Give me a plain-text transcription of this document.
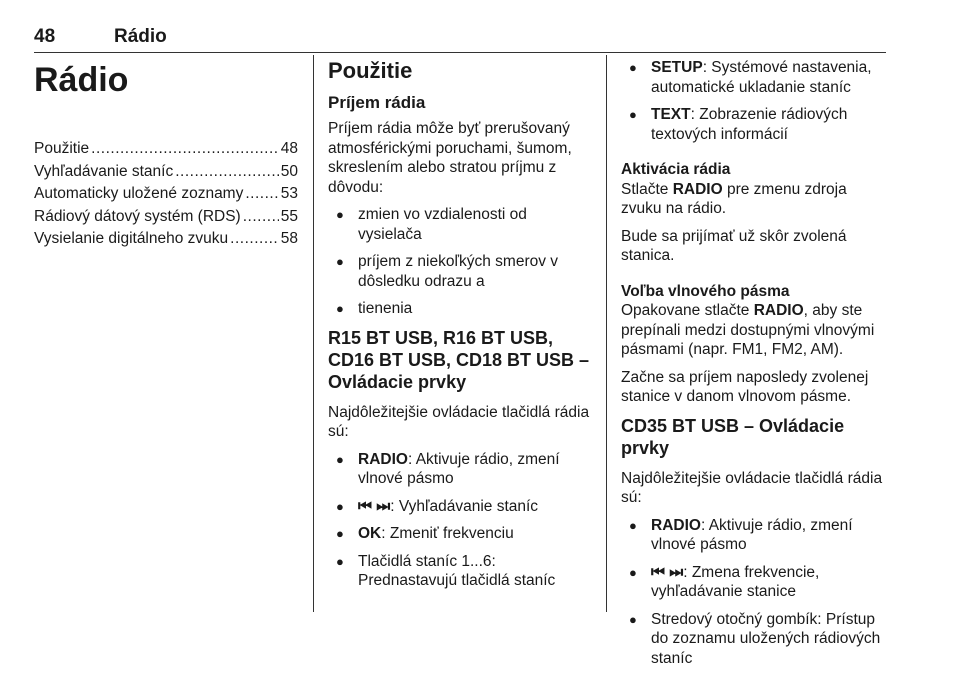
48	Rádio
Rádio
Použitie .....	48
Vyhľadávanie staníc .....	50
Automaticky uložené zoznamy ..... 53
Rádiový dátový systém (RDS) .....	55
Vysielanie digitálneho zvuku .....	58
Použitie
Príjem rádia

Príjem rádia môže byť prerušovaný atmosférickými poruchami, šumom, skreslením alebo stratou príjmu z dôvodu:

● zmien vo vzdialenosti od vysielača
● príjem z niekoľkých smerov v dôsledku odrazu a
● tienenia
R15 BT USB, R16 BT USB, CD16 BT USB, CD18 BT USB – Ovládacie prvky

Najdôležitejšie ovládacie tlačidlá rádia sú:

● RADIO: Aktivuje rádio, zmení vlnové pásmo
● ⏮ ⏭: Vyhľadávanie staníc
● OK: Zmeniť frekvenciu
● Tlačidlá staníc 1...6: Prednastavujú tlačidlá staníc
● SETUP: Systémové nastavenia, automatické ukladanie staníc
● TEXT: Zobrazenie rádiových textových informácií
Aktivácia rádia

Stlačte RADIO pre zmenu zdroja zvuku na rádio.

Bude sa prijímať už skôr zvolená stanica.

Voľba vlnového pásma

Opakovane stlačte RADIO, aby ste prepínali medzi dostupnými vlnovými pásmami (napr. FM1, FM2, AM).

Začne sa príjem naposledy zvolenej stanice v danom vlnovom pásme.

CD35 BT USB – Ovládacie prvky

Najdôležitejšie ovládacie tlačidlá rádia sú:

● RADIO: Aktivuje rádio, zmení vlnové pásmo
● ⏮ ⏭: Zmena frekvencie, vyhľadávanie stanice
● Stredový otočný gombík: Prístup do zoznamu uložených rádiových staníc
